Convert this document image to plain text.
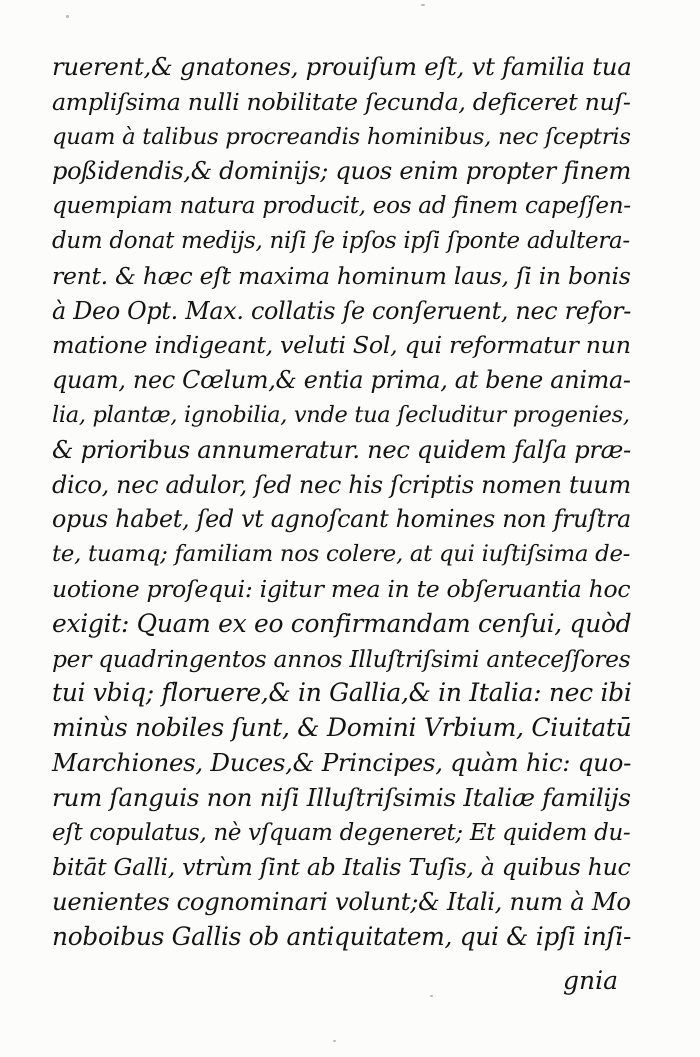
ruerent,& gnatones, prouiſum eſt, vt familia tua
ampliſsima nulli nobilitate ſecunda, deficeret nuſ-
quam à talibus procreandis hominibus, nec ſceptris
poßidendis,& dominijs; quos enim propter finem
quempiam natura producit, eos ad finem capeſſen-
dum donat medijs, niſi ſe ipſos ipſi ſponte adultera-
rent. & hæc eſt maxima hominum laus, ſi in bonis
à Deo Opt. Max. collatis ſe conſeruent, nec refor-
matione indigeant, veluti Sol, qui reformatur nun
quam, nec Cœlum,& entia prima, at bene anima-
lia, plantæ, ignobilia, vnde tua ſecluditur progenies,
& prioribus annumeratur. nec quidem falſa præ-
dico, nec adulor, ſed nec his ſcriptis nomen tuum
opus habet, ſed vt agnoſcant homines non fruſtra
te, tuamq; familiam nos colere, at qui iuſtiſsima de-
uotione proſequi: igitur mea in te obſeruantia hoc
exigit: Quam ex eo confirmandam cenſui, quòd
per quadringentos annos Illuſtriſsimi anteceſſores
tui vbiq; floruere,& in Gallia,& in Italia: nec ibi
minùs nobiles ſunt, & Domini Vrbium, Ciuitatū
Marchiones, Duces,& Principes, quàm hic: quo-
rum ſanguis non niſi Illuſtriſsimis Italiæ familijs
eſt copulatus, nè vſquam degeneret; Et quidem du-
bitāt Galli, vtrùm ſint ab Italis Tuſis, à quibus huc
uenientes cognominari volunt;& Itali, num à Mo
noboibus Gallis ob antiquitatem, qui & ipſi inſi-
gnia
